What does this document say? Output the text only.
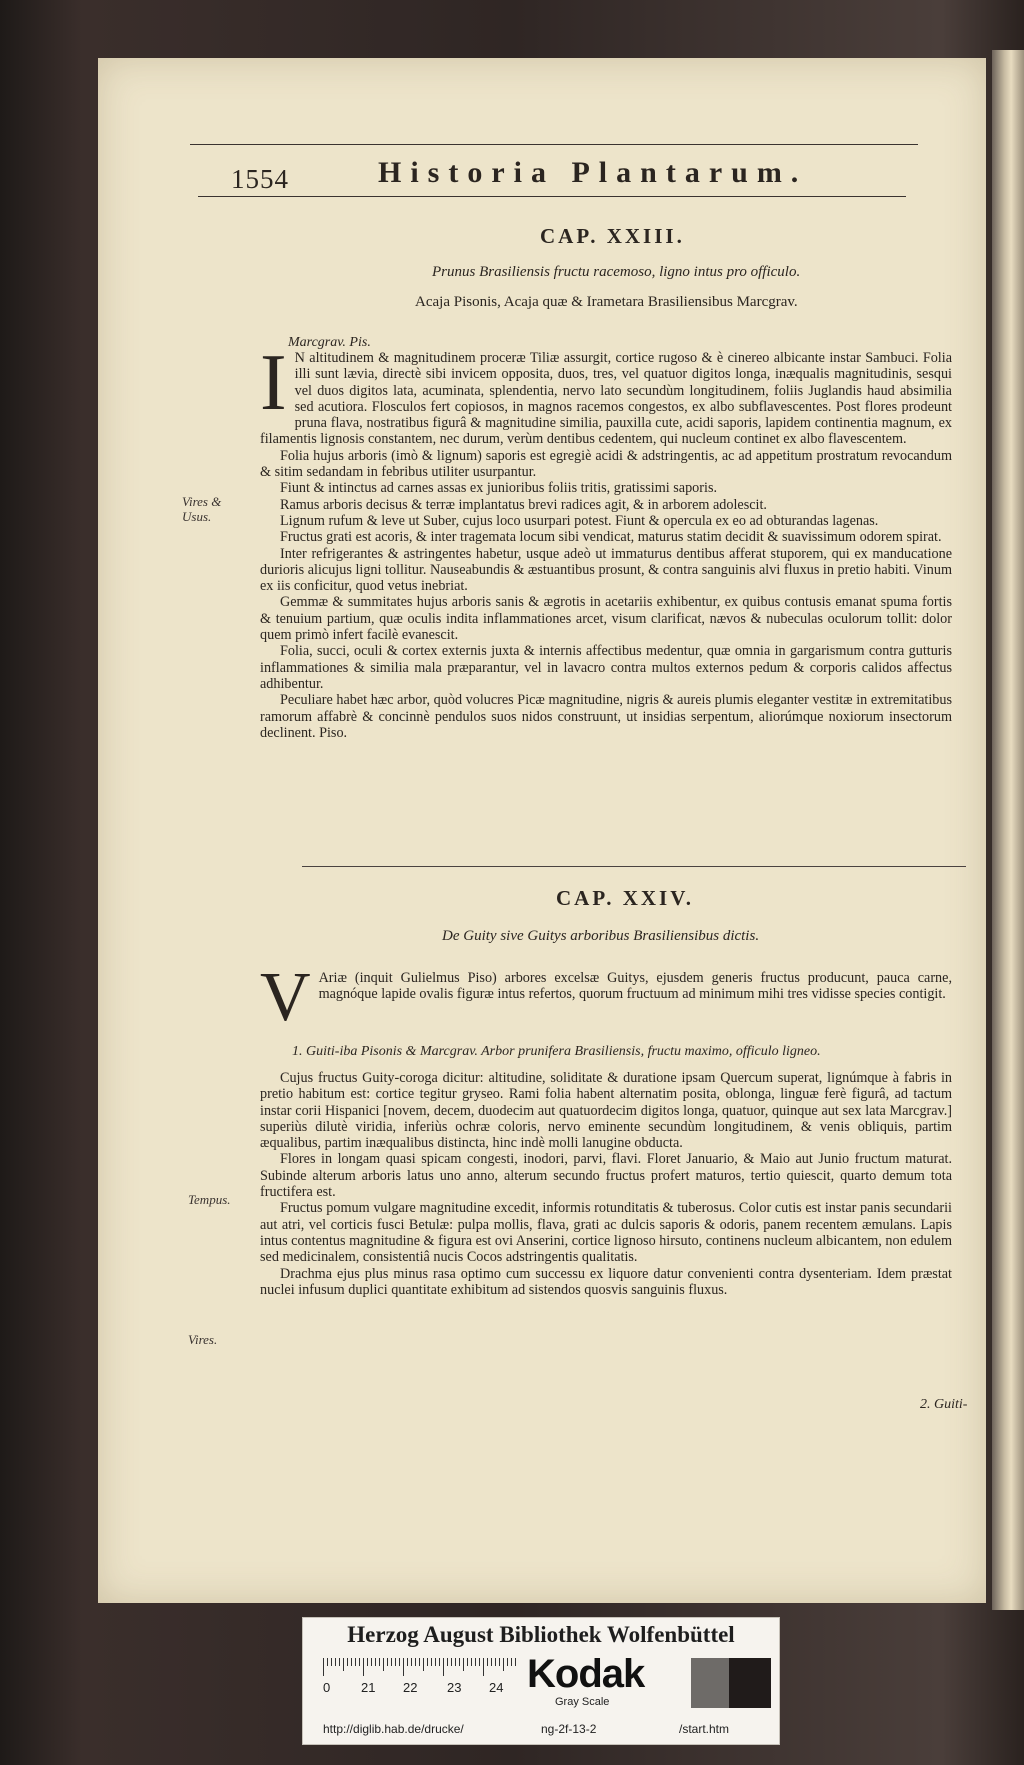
1554	Historia Plantarum.
CAP. XXIII.
Prunus Brasiliensis fructu racemoso, ligno intus pro officulo.
Acaja Pisonis, Acaja quæ & Irametara Brasiliensibus Marcgrav.
Vires &
Usus.
Marcgrav. Pis.
I N altitudinem & magnitudinem proceræ Tiliæ assurgit, cortice rugoso & è cinereo albicante instar Sambuci. Folia illi sunt lævia, directè sibi invicem opposita, duos, tres, vel quatuor digitos longa, inæqualis magnitudinis, sesqui vel duos digitos lata, acuminata, splendentia, nervo lato secundùm longitudinem, foliis Juglandis haud absimilia sed acutiora. Flosculos fert copiosos, in magnos racemos congestos, ex albo subflavescentes. Post flores prodeunt pruna flava, nostratibus figurâ & magnitudine similia, pauxilla cute, acidi saporis, lapidem continentia magnum, ex filamentis lignosis constantem, nec durum, verùm dentibus cedentem, qui nucleum continet ex albo flavescentem.

Folia hujus arboris (imò & lignum) saporis est egregiè acidi & adstringentis, ac ad appetitum prostratum revocandum & sitim sedandam in febribus utiliter usurpantur.

Fiunt & intinctus ad carnes assas ex junioribus foliis tritis, gratissimi saporis.

Ramus arboris decisus & terræ implantatus brevi radices agit, & in arborem adolescit.

Lignum rufum & leve ut Suber, cujus loco usurpari potest. Fiunt & opercula ex eo ad obturandas lagenas.

Fructus grati est acoris, & inter tragemata locum sibi vendicat, maturus statim decidit & suavissimum odorem spirat.

Inter refrigerantes & astringentes habetur, usque adeò ut immaturus dentibus afferat stuporem, qui ex manducatione durioris alicujus ligni tollitur. Nauseabundis & æstuantibus prosunt, & contra sanguinis alvi fluxus in pretio habiti. Vinum ex iis conficitur, quod vetus inebriat.

Gemmæ & summitates hujus arboris sanis & ægrotis in acetariis exhibentur, ex quibus contusis emanat spuma fortis & tenuium partium, quæ oculis indita inflammationes arcet, visum clarificat, nævos & nubeculas oculorum tollit: dolor quem primò infert facilè evanescit.

Folia, succi, oculi & cortex externis juxta & internis affectibus medentur, quæ omnia in gargarismum contra gutturis inflammationes & similia mala præparantur, vel in lavacro contra multos externos pedum & corporis calidos affectus adhibentur.

Peculiare habet hæc arbor, quòd volucres Picæ magnitudine, nigris & aureis plumis eleganter vestitæ in extremitatibus ramorum affabrè & concinnè pendulos suos nidos construunt, ut insidias serpentum, aliorúmque noxiorum insectorum declinent. Piso.

CAP. XXIV.
De Guity sive Guitys arboribus Brasiliensibus dictis.
V Ariæ (inquit Gulielmus Piso) arbores excelsæ Guitys, ejusdem generis fructus producunt, pauca carne, magnóque lapide ovalis figuræ intus refertos, quorum fructuum ad minimum mihi tres vidisse species contigit.

1. Guiti-iba Pisonis & Marcgrav. Arbor prunifera Brasiliensis, fructu maximo, officulo ligneo.
Tempus.
Vires.

Cujus fructus Guity-coroga dicitur: altitudine, soliditate & duratione ipsam Quercum superat, lignúmque à fabris in pretio habitum est: cortice tegitur gryseo. Rami folia habent alternatim posita, oblonga, linguæ ferè figurâ, ad tactum instar corii Hispanici [novem, decem, duodecim aut quatuordecim digitos longa, quatuor, quinque aut sex lata Marcgrav.] superiùs dilutè viridia, inferiùs ochræ coloris, nervo eminente secundùm longitudinem, & venis obliquis, partim æqualibus, partim inæqualibus distincta, hinc indè molli lanugine obducta.

Flores in longam quasi spicam congesti, inodori, parvi, flavi. Floret Januario, & Maio aut Junio fructum maturat. Subinde alterum arboris latus uno anno, alterum secundo fructus profert maturos, tertio quiescit, quarto demum tota fructifera est.

Fructus pomum vulgare magnitudine excedit, informis rotunditatis & tuberosus. Color cutis est instar panis secundarii aut atri, vel corticis fusci Betulæ: pulpa mollis, flava, grati ac dulcis saporis & odoris, panem recentem æmulans. Lapis intus contentus magnitudine & figura est ovi Anserini, cortice lignoso hirsuto, continens nucleum albicantem, non edulem sed medicinalem, consistentiâ nucis Cocos adstringentis qualitatis.

Drachma ejus plus minus rasa optimo cum successu ex liquore datur convenienti contra dysenteriam. Idem præstat nuclei infusum duplici quantitate exhibitum ad sistendos quosvis sanguinis fluxus.

2. Guiti-
Herzog August Bibliothek Wolfenbüttel
0 21 22 23 24 Kodak
Gray Scale
http://diglib.hab.de/drucke/	ng-2f-13-2	/start.htm
